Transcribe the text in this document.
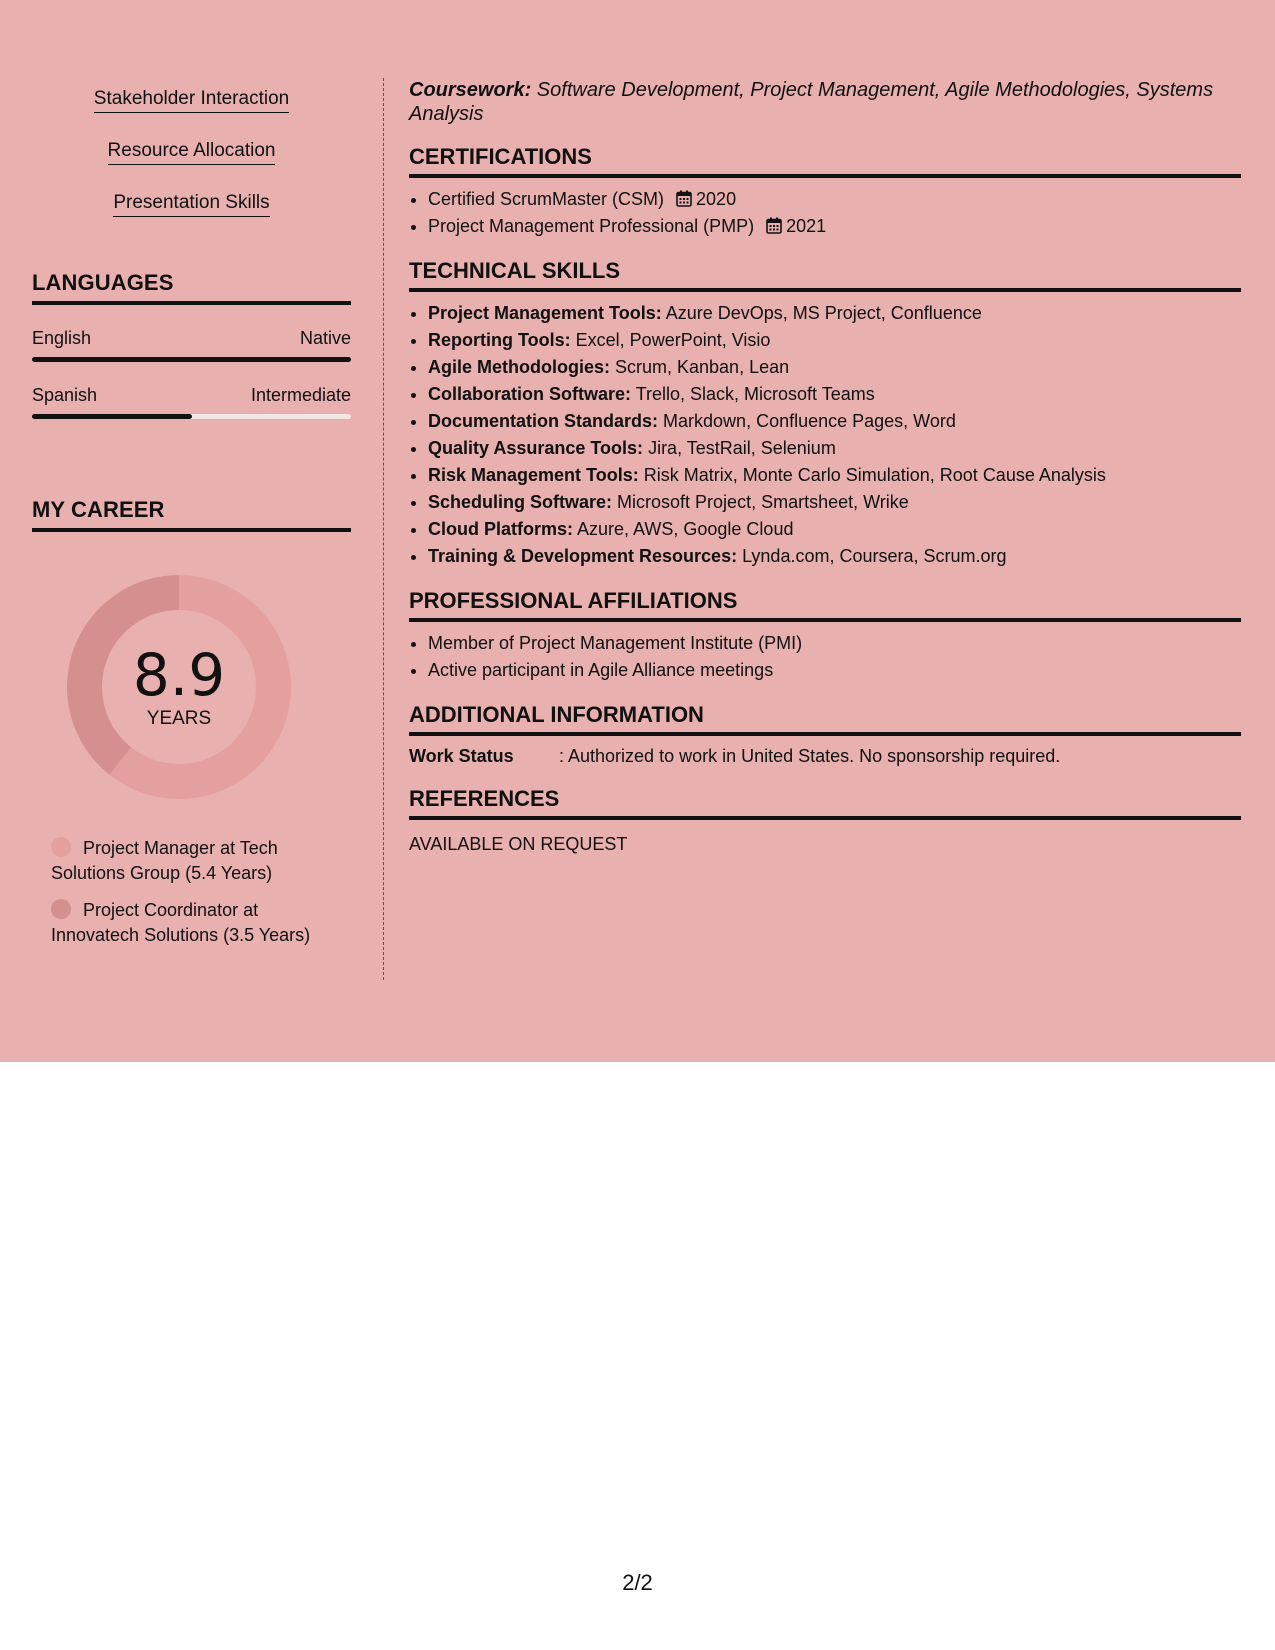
Stakeholder Interaction
Resource Allocation
Presentation Skills
LANGUAGES
English	Native
Spanish	Intermediate
MY CAREER
8.9
YEARS
Project Manager at Tech Solutions Group (5.4 Years)
Project Coordinator at Innovatech Solutions (3.5 Years)

Coursework: Software Development, Project Management, Agile Methodologies, Systems Analysis

CERTIFICATIONS
• Certified ScrumMaster (CSM) 2020
• Project Management Professional (PMP) 2021
TECHNICAL SKILLS
• Project Management Tools: Azure DevOps, MS Project, Confluence
• Reporting Tools: Excel, PowerPoint, Visio
• Agile Methodologies: Scrum, Kanban, Lean
• Collaboration Software: Trello, Slack, Microsoft Teams
• Documentation Standards: Markdown, Confluence Pages, Word
• Quality Assurance Tools: Jira, TestRail, Selenium
• Risk Management Tools: Risk Matrix, Monte Carlo Simulation, Root Cause Analysis
• Scheduling Software: Microsoft Project, Smartsheet, Wrike
• Cloud Platforms: Azure, AWS, Google Cloud
• Training & Development Resources: Lynda.com, Coursera, Scrum.org
PROFESSIONAL AFFILIATIONS
• Member of Project Management Institute (PMI)
• Active participant in Agile Alliance meetings
ADDITIONAL INFORMATION
Work Status	: Authorized to work in United States. No sponsorship required.
REFERENCES
AVAILABLE ON REQUEST
2/2
